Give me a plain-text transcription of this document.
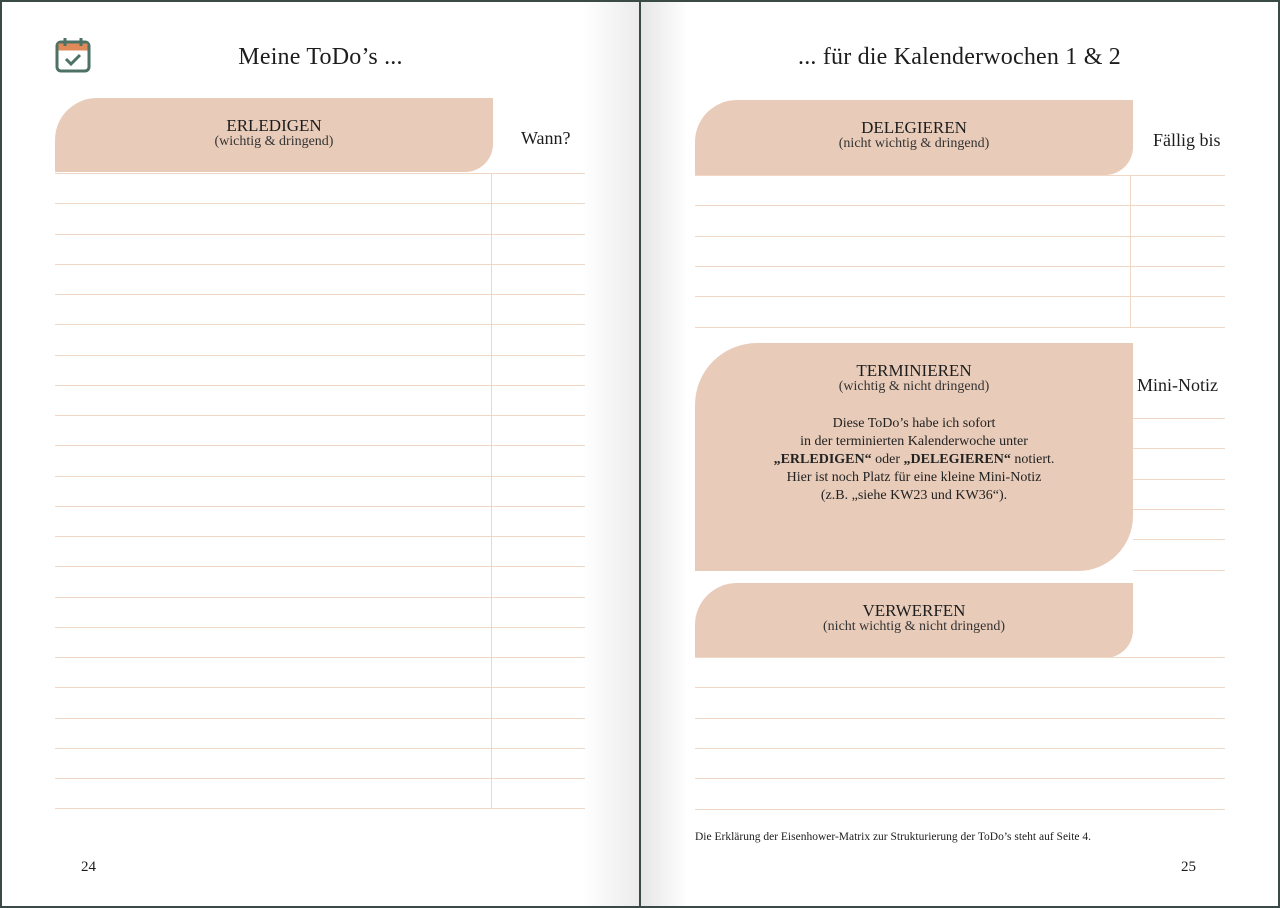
Meine ToDo’s ...
ERLEDIGEN
(wichtig & dringend)	Wann?
24
... für die Kalenderwochen 1 & 2
DELEGIEREN
(nicht wichtig & dringend)	Fällig bis
TERMINIEREN
(wichtig & nicht dringend)
Diese ToDo’s habe ich sofort
in der terminierten Kalenderwoche unter
„ERLEDIGEN“ oder „DELEGIEREN“ notiert.
Hier ist noch Platz für eine kleine Mini-Notiz
(z.B. „siehe KW23 und KW36“).
Mini-Notiz
VERWERFEN
(nicht wichtig & nicht dringend)
Die Erklärung der Eisenhower-Matrix zur Strukturierung der ToDo’s steht auf Seite 4.
25
